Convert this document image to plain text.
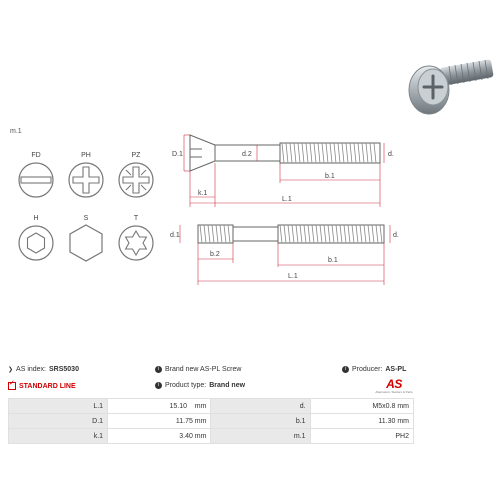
m.1
FD	PH	PZ
H	S	T
D.1	d.2	d.
b.1
k.1
L.1
d.1	d.
b.2
b.1
L.1
❯ AS index: SRS5030	i Brand new AS-PL Screw	i Producer: AS-PL
✓ STANDARD LINE	i Product type: Brand new	AS
Alternators, Starters & Parts
L.1	15.10    mm	d.	M5x0.8 mm
D.1	11.75 mm	b.1	11.30 mm
k.1	3.40 mm	m.1	PH2
